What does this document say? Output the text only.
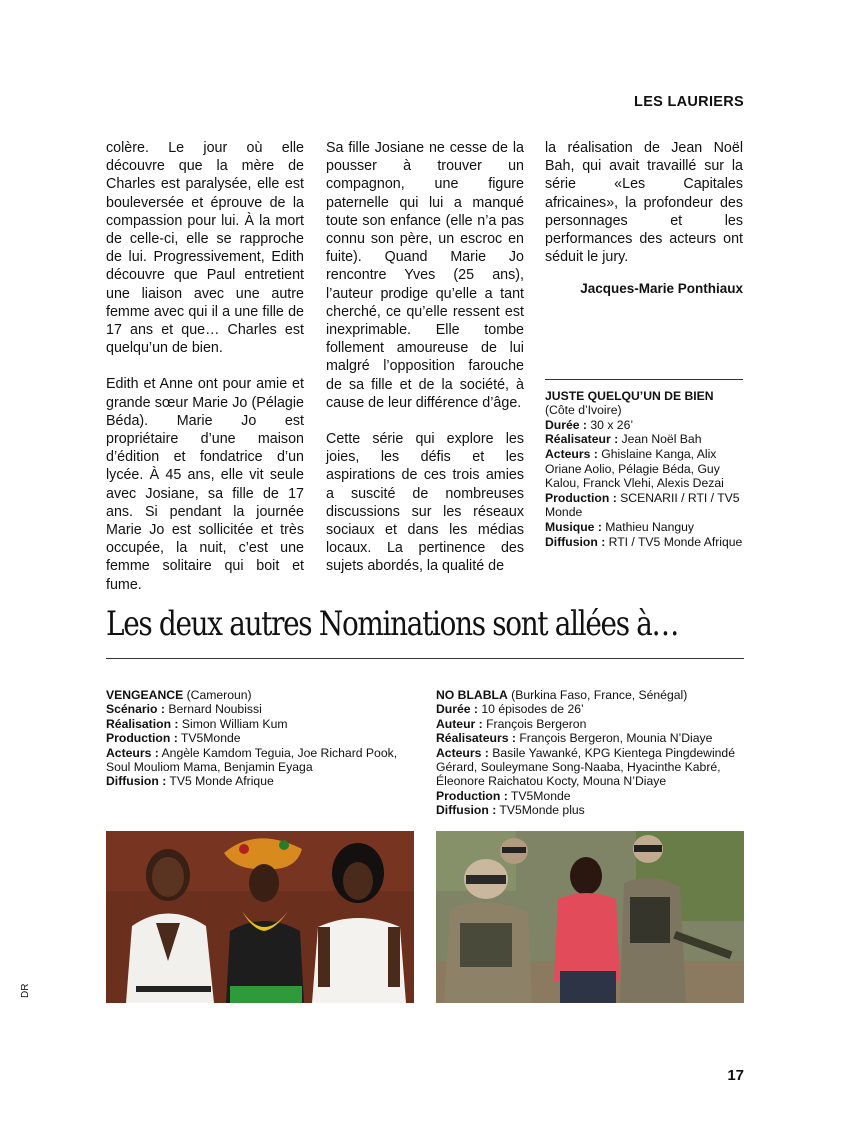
LES LAURIERS

colère. Le jour où elle découvre que la mère de Charles est paralysée, elle est bouleversée et éprouve de la compassion pour lui. À la mort de celle-ci, elle se rapproche de lui. Progressivement, Edith découvre que Paul entretient une liaison avec une autre femme avec qui il a une fille de 17 ans et que… Charles est quelqu’un de bien.

Edith et Anne ont pour amie et grande sœur Marie Jo (Pélagie Béda). Marie Jo est propriétaire d’une maison d’édition et fondatrice d’un lycée. À 45 ans, elle vit seule avec Josiane, sa fille de 17 ans. Si pendant la journée Marie Jo est sollicitée et très occupée, la nuit, c’est une femme solitaire qui boit et fume.

Sa fille Josiane ne cesse de la pousser à trouver un compagnon, une figure paternelle qui lui a manqué toute son enfance (elle n’a pas connu son père, un escroc en fuite). Quand Marie Jo rencontre Yves (25 ans), l’auteur prodige qu’elle a tant cherché, ce qu’elle ressent est inexprimable. Elle tombe follement amoureuse de lui malgré l’opposition farouche de sa fille et de la société, à cause de leur différence d’âge.

Cette série qui explore les joies, les défis et les aspirations de ces trois amies a suscité de nombreuses discussions sur les réseaux sociaux et dans les médias locaux. La pertinence des sujets abordés, la qualité de

la réalisation de Jean Noël Bah, qui avait travaillé sur la série «Les Capitales africaines», la profondeur des personnages et les performances des acteurs ont séduit le jury.

Jacques-Marie Ponthiaux
JUSTE QUELQU’UN DE BIEN
(Côte d’Ivoire)
Durée : 30 x 26’
Réalisateur : Jean Noël Bah
Acteurs : Ghislaine Kanga, Alix Oriane Aolio, Pélagie Béda, Guy Kalou, Franck Vlehi, Alexis Dezai
Production : SCENARII / RTI / TV5 Monde
Musique : Mathieu Nanguy
Diffusion : RTI / TV5 Monde Afrique
Les deux autres Nominations sont allées à…
VENGEANCE (Cameroun)
Scénario : Bernard Noubissi
Réalisation : Simon William Kum
Production : TV5Monde
Acteurs : Angèle Kamdom Teguia, Joe Richard Pook, Soul Mouliom Mama, Benjamin Eyaga
Diffusion : TV5 Monde Afrique
NO BLABLA (Burkina Faso, France, Sénégal)
Durée : 10 épisodes de 26’
Auteur : François Bergeron
Réalisateurs : François Bergeron, Mounia N’Diaye
Acteurs : Basile Yawanké, KPG Kientega Pingdewindé Gérard, Souleymane Song-Naaba, Hyacinthe Kabré, Éleonore Raichatou Kocty, Mouna N’Diaye
Production : TV5Monde
Diffusion : TV5Monde plus
DR
17
